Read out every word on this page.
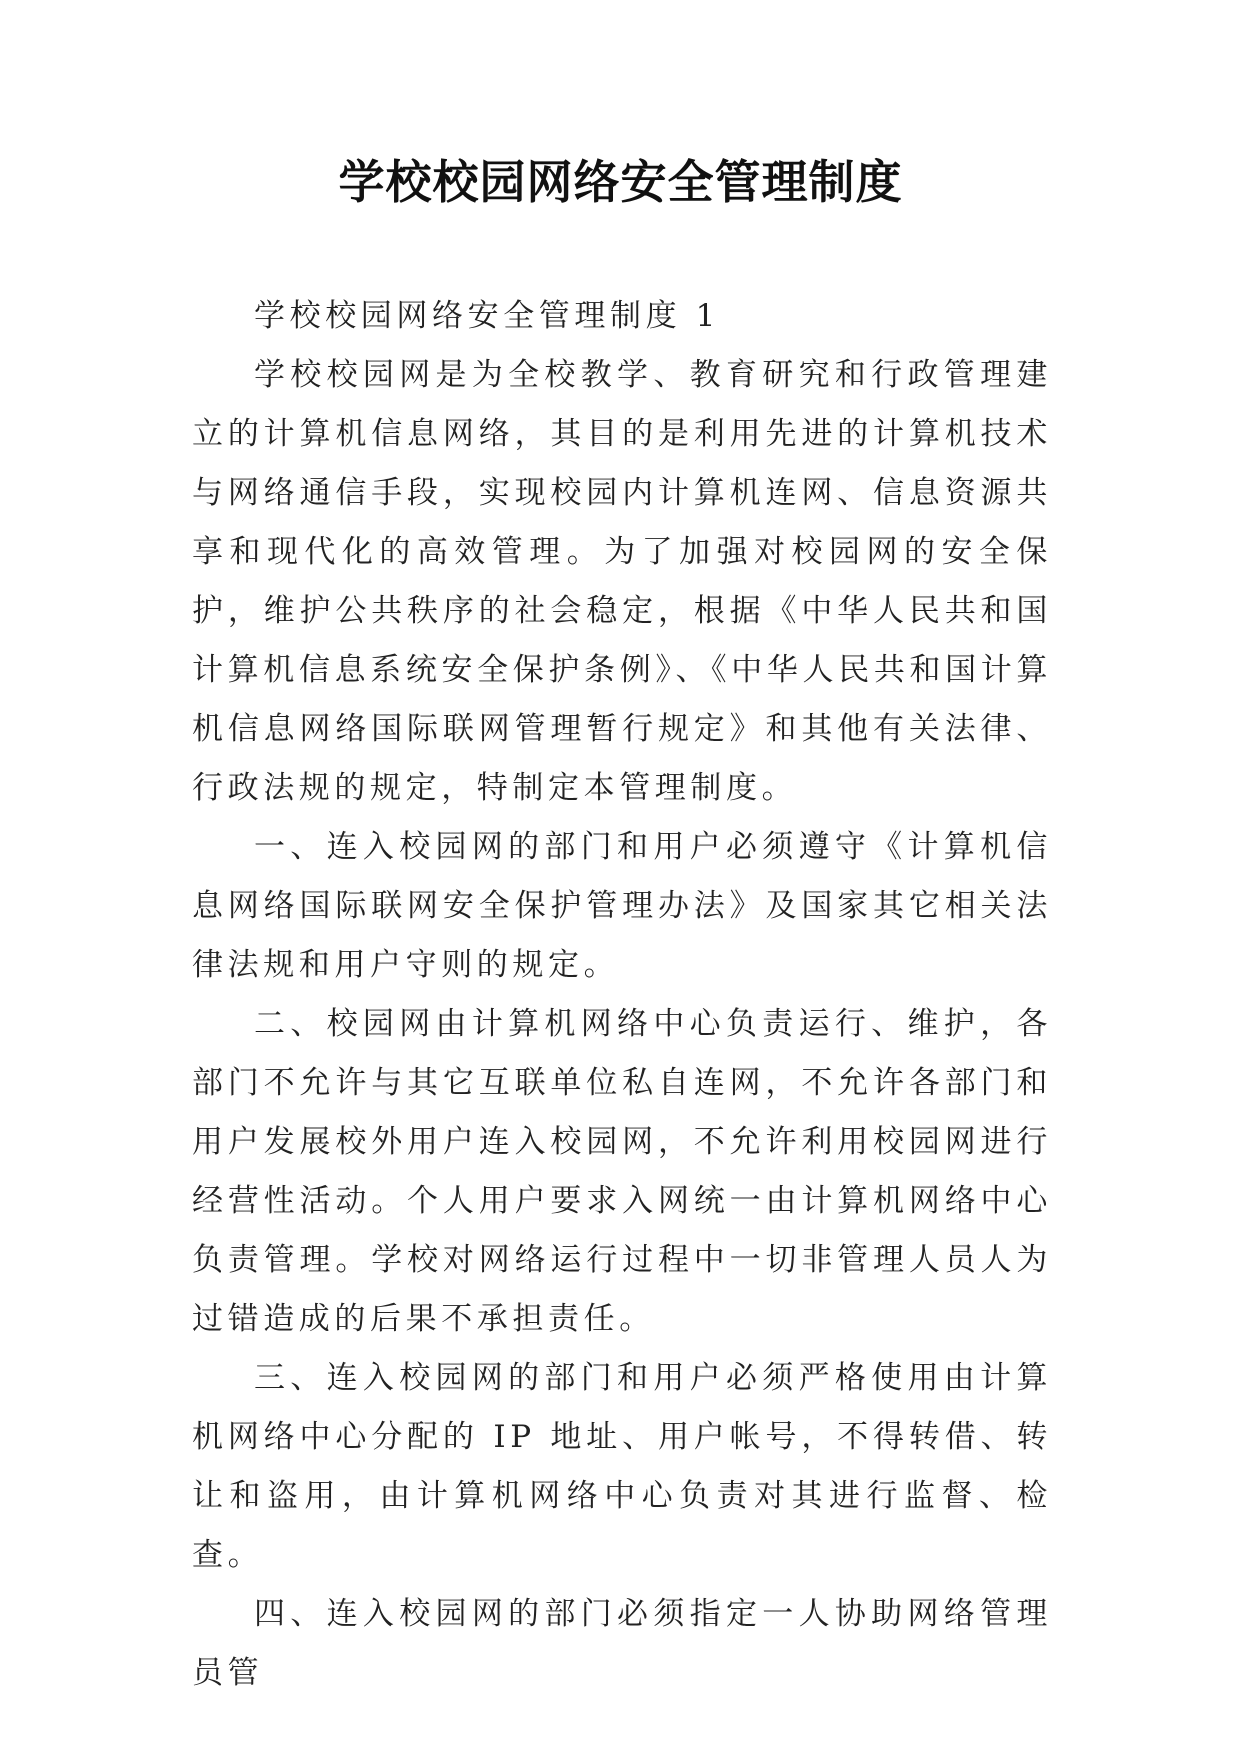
学校校园网络安全管理制度

学校校园网络安全管理制度 1

学校校园网是为全校教学、教育研究和行政管理建立的计算机信息网络，其目的是利用先进的计算机技术与网络通信手段，实现校园内计算机连网、信息资源共享和现代化的高效管理。为了加强对校园网的安全保护，维护公共秩序的社会稳定，根据《中华人民共和国计算机信息系统安全保护条例》、《中华人民共和国计算机信息网络国际联网管理暂行规定》和其他有关法律、行政法规的规定，特制定本管理制度。

一、连入校园网的部门和用户必须遵守《计算机信息网络国际联网安全保护管理办法》及国家其它相关法律法规和用户守则的规定。

二、校园网由计算机网络中心负责运行、维护，各部门不允许与其它互联单位私自连网，不允许各部门和用户发展校外用户连入校园网，不允许利用校园网进行经营性活动。个人用户要求入网统一由计算机网络中心负责管理。学校对网络运行过程中一切非管理人员人为过错造成的后果不承担责任。

三、连入校园网的部门和用户必须严格使用由计算机网络中心分配的 IP 地址、用户帐号，不得转借、转让和盗用，由计算机网络中心负责对其进行监督、检查。

四、连入校园网的部门必须指定一人协助网络管理员管
